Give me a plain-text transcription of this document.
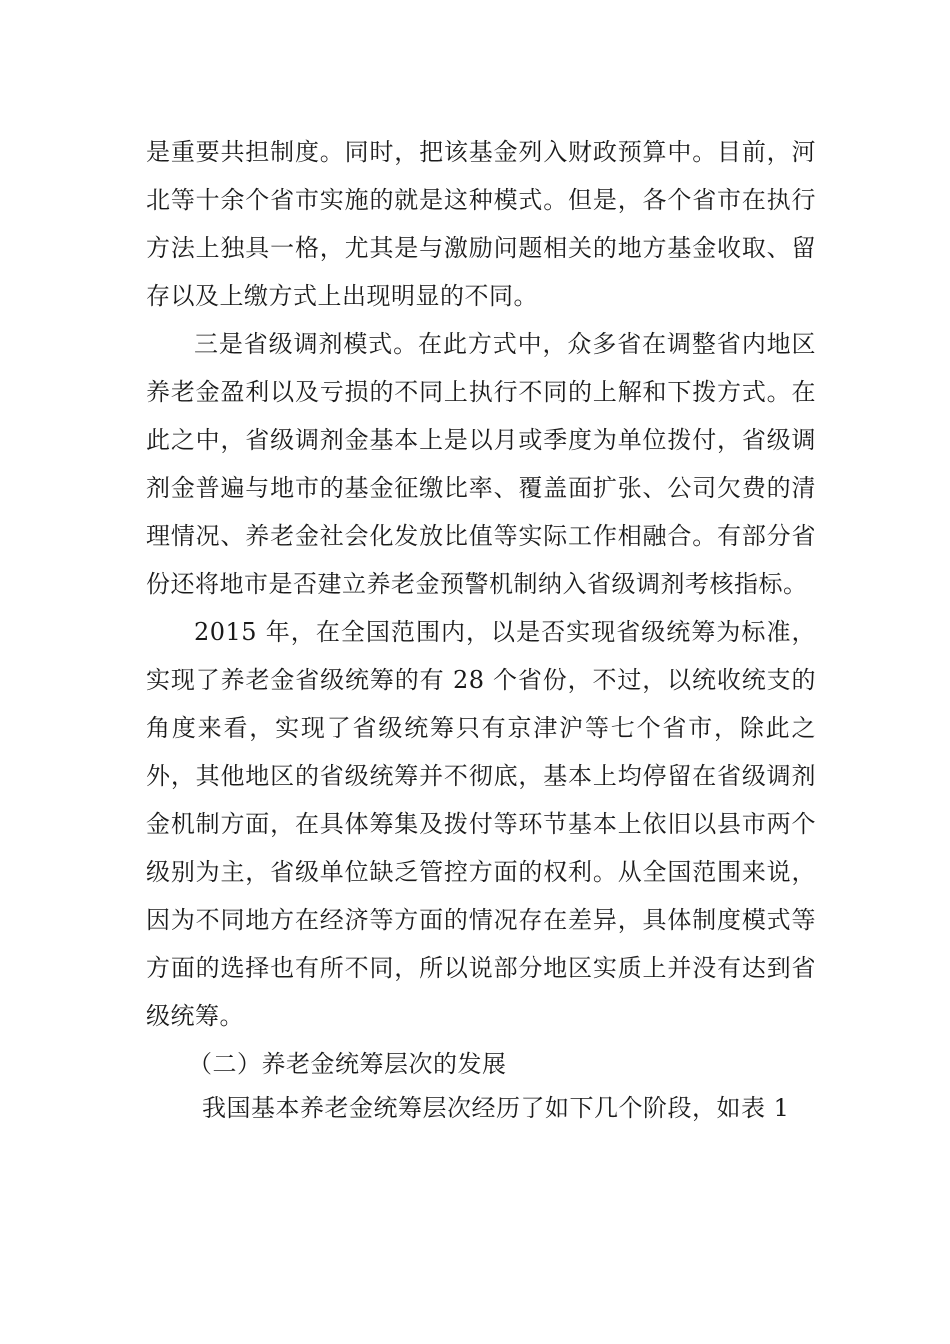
是重要共担制度。同时，把该基金列入财政预算中。目前，河北等十余个省市实施的就是这种模式。但是，各个省市在执行方法上独具一格，尤其是与激励问题相关的地方基金收取、留存以及上缴方式上出现明显的不同。

三是省级调剂模式。在此方式中，众多省在调整省内地区养老金盈利以及亏损的不同上执行不同的上解和下拨方式。在此之中，省级调剂金基本上是以月或季度为单位拨付，省级调剂金普遍与地市的基金征缴比率、覆盖面扩张、公司欠费的清理情况、养老金社会化发放比值等实际工作相融合。有部分省份还将地市是否建立养老金预警机制纳入省级调剂考核指标。

2015 年，在全国范围内，以是否实现省级统筹为标准，实现了养老金省级统筹的有 28 个省份，不过，以统收统支的角度来看，实现了省级统筹只有京津沪等七个省市，除此之外，其他地区的省级统筹并不彻底，基本上均停留在省级调剂金机制方面，在具体筹集及拨付等环节基本上依旧以县市两个级别为主，省级单位缺乏管控方面的权利。从全国范围来说，因为不同地方在经济等方面的情况存在差异，具体制度模式等方面的选择也有所不同，所以说部分地区实质上并没有达到省级统筹。

（二）养老金统筹层次的发展

我国基本养老金统筹层次经历了如下几个阶段，如表 1
